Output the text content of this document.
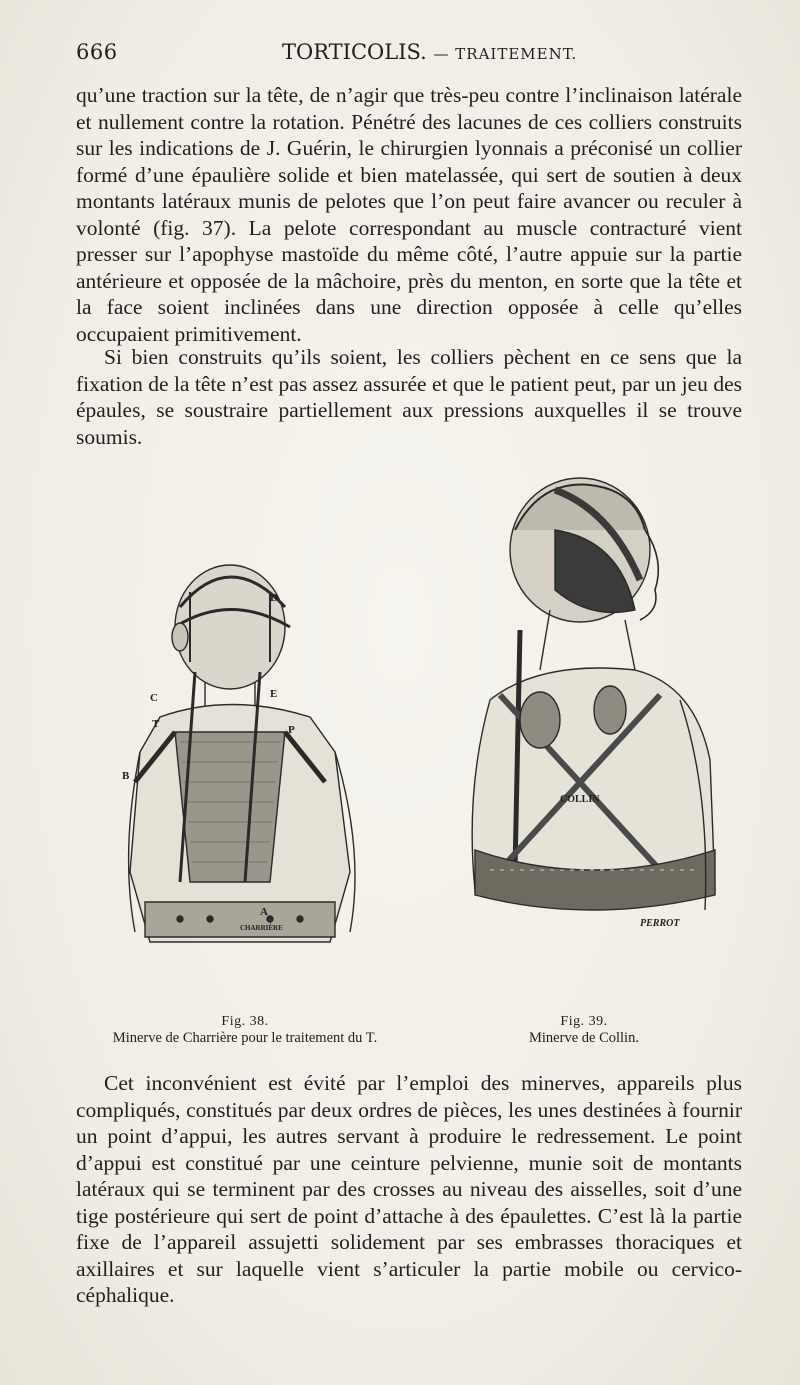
666	TORTICOLIS. — TRAITEMENT.
qu’une traction sur la tête, de n’agir que très-peu contre l’inclinaison latérale et nullement contre la rotation. Pénétré des lacunes de ces colliers construits sur les indications de J. Guérin, le chirurgien lyonnais a préconisé un collier formé d’une épaulière solide et bien matelassée, qui sert de soutien à deux montants latéraux munis de pelotes que l’on peut faire avancer ou reculer à volonté (fig. 37). La pelote correspondant au muscle contracturé vient presser sur l’apophyse mastoïde du même côté, l’autre appuie sur la partie antérieure et opposée de la mâchoire, près du menton, en sorte que la tête et la face soient inclinées dans une direction opposée à celle qu’elles occupaient primitivement.
Si bien construits qu’ils soient, les colliers pèchent en ce sens que la fixation de la tête n’est pas assez assurée et que le patient peut, par un jeu des épaules, se soustraire partiellement aux pressions auxquelles il se trouve soumis.
D
C	E
P
B
T
A
CHARRIÈRE
COLLIN
PERROT
Fig. 38.
Minerve de Charrière pour le traitement du T.
Fig. 39.
Minerve de Collin.
Cet inconvénient est évité par l’emploi des minerves, appareils plus compliqués, constitués par deux ordres de pièces, les unes destinées à fournir un point d’appui, les autres servant à produire le redressement. Le point d’appui est constitué par une ceinture pelvienne, munie soit de montants latéraux qui se terminent par des crosses au niveau des aisselles, soit d’une tige postérieure qui sert de point d’attache à des épaulettes. C’est là la partie fixe de l’appareil assujetti solidement par ses embrasses thoraciques et axillaires et sur laquelle vient s’articuler la partie mobile ou cervico-céphalique.
